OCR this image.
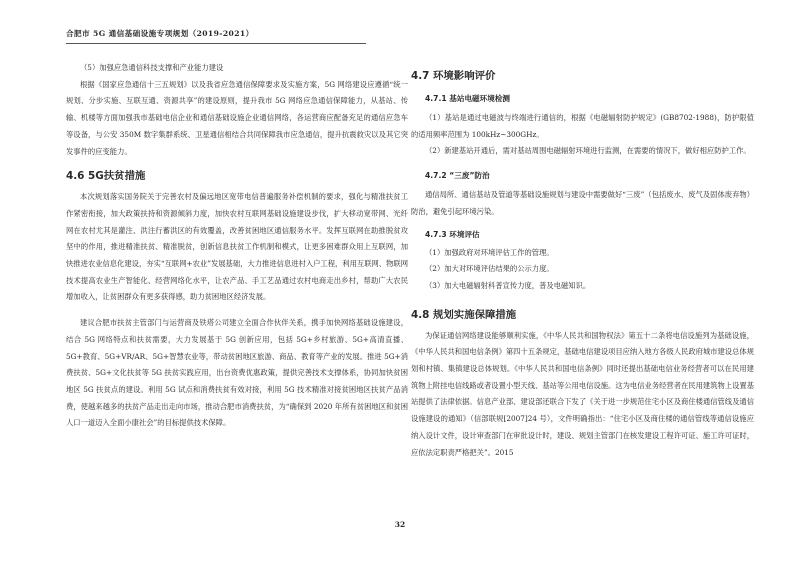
合肥市 5G 通信基础设施专项规划（2019-2021）

（5）加强应急通信科技支撑和产业能力建设

根据《国家应急通信十三五规划》以及我省应急通信保障要求及实施方案，5G 网络建设应遵循“统一规划、分步实施、互联互通、资源共享”的建设原则，提升我市 5G 网络应急通信保障能力，从基站、传输、机楼等方面加强我市基础电信企业和通信基础设施企业通信网络，各运营商应配备充足的通信应急车等设备，与公安 350M 数字集群系统、卫星通信相结合共同保障我市应急通信，提升抗震救灾以及其它突发事件的应变能力。

4.6 5G扶贫措施

本次规划落实国务院关于完善农村及偏远地区宽带电信普遍服务补偿机制的要求，强化与精准扶贫工作紧密衔接，加大政策扶持和资源倾斜力度，加快农村互联网基础设施建设步伐，扩大移动宽带网、光纤网在农村尤其是灌注、洪注行蓄洪区的有效覆盖，改善贫困地区通信服务水平。发挥互联网在助推脱贫攻坚中的作用，推进精准扶贫、精准脱贫，创新信息扶贫工作机制和模式，让更多困难群众用上互联网，加快推进农业信息化建设，夯实“互联网+农业”发展基础，大力推进信息进村入户工程，利用互联网、物联网技术提高农业生产智能化、经营网络化水平，让农产品、手工艺品通过农村电商走出乡村，帮助广大农民增加收入，让贫困群众有更多获得感，助力贫困地区经济发展。

建议合肥市扶贫主管部门与运营商及铁塔公司建立全面合作伙伴关系，携手加快网络基础设施建设，结合 5G 网络特点和扶贫需要，大力发展基于 5G 创新应用，包括 5G+乡村旅游、5G+高清直播、5G+教育、5G+VR/AR、5G+智慧农业等，带动贫困地区旅游、商品、教育等产业的发展。推进 5G+消费扶贫、5G+文化扶贫等 5G 扶贫实践应用，出台资费优惠政策，提供完善技术支撑体系，协同加快贫困地区 5G 扶贫点的建设。利用 5G 试点和消费扶贫有效对接，利用 5G 技术精准对接贫困地区扶贫产品消费，使越来越多的扶贫产品走出走向市场，推动合肥市消费扶贫，为“确保到 2020 年所有贫困地区和贫困人口一道迈入全面小康社会”的目标提供技术保障。

4.7 环境影响评价
4.7.1 基站电磁环境检测

（1）基站是通过电磁波与终端进行通信的，根据《电磁辐射防护规定》(GB8702-1988)，防护限值的适用频率范围为 100kHz~300GHz。

（2）新建基站开通后，需对基站周围电磁辐射环境进行监测，在需要的情况下，做好相应防护工作。

4.7.2 “三废”防治

通信局所、通信基站及管道等基础设施规划与建设中需要做好“三废”（包括废水、废气及固体废弃物）防治，避免引起环境污染。

4.7.3 环境评估

（1）加强政府对环境评估工作的管理。

（2）加大对环境评估结果的公示力度。

（3）加大电磁辐射科普宣传力度，普及电磁知识。

4.8 规划实施保障措施

为保证通信网络建设能够顺利实施，《中华人民共和国物权法》第五十二条将电信设施列为基础设施，《中华人民共和国电信条例》第四十五条规定，基础电信建设项目应纳入地方各级人民政府城市建设总体规划和村镇、集镇建设总体规划。《中华人民共和国电信条例》同时还提出基础电信业务经营者可以在民用建筑物上附挂电信线路或者设置小型天线、基站等公用电信设施。这为电信业务经营者在民用建筑物上设置基站提供了法律依据。信息产业部、建设部还联合下发了《关于进一步规范住宅小区及商住楼通信管线及通信设施建设的通知》（信部联规[2007]24 号），文件明确指出：“住宅小区及商住楼的通信管线等通信设施应纳入设计文件，设计审查部门在审批设计时，建设、规划主管部门在核发建设工程许可证、施工许可证时，应依法定职责严格把关”。2015

32
